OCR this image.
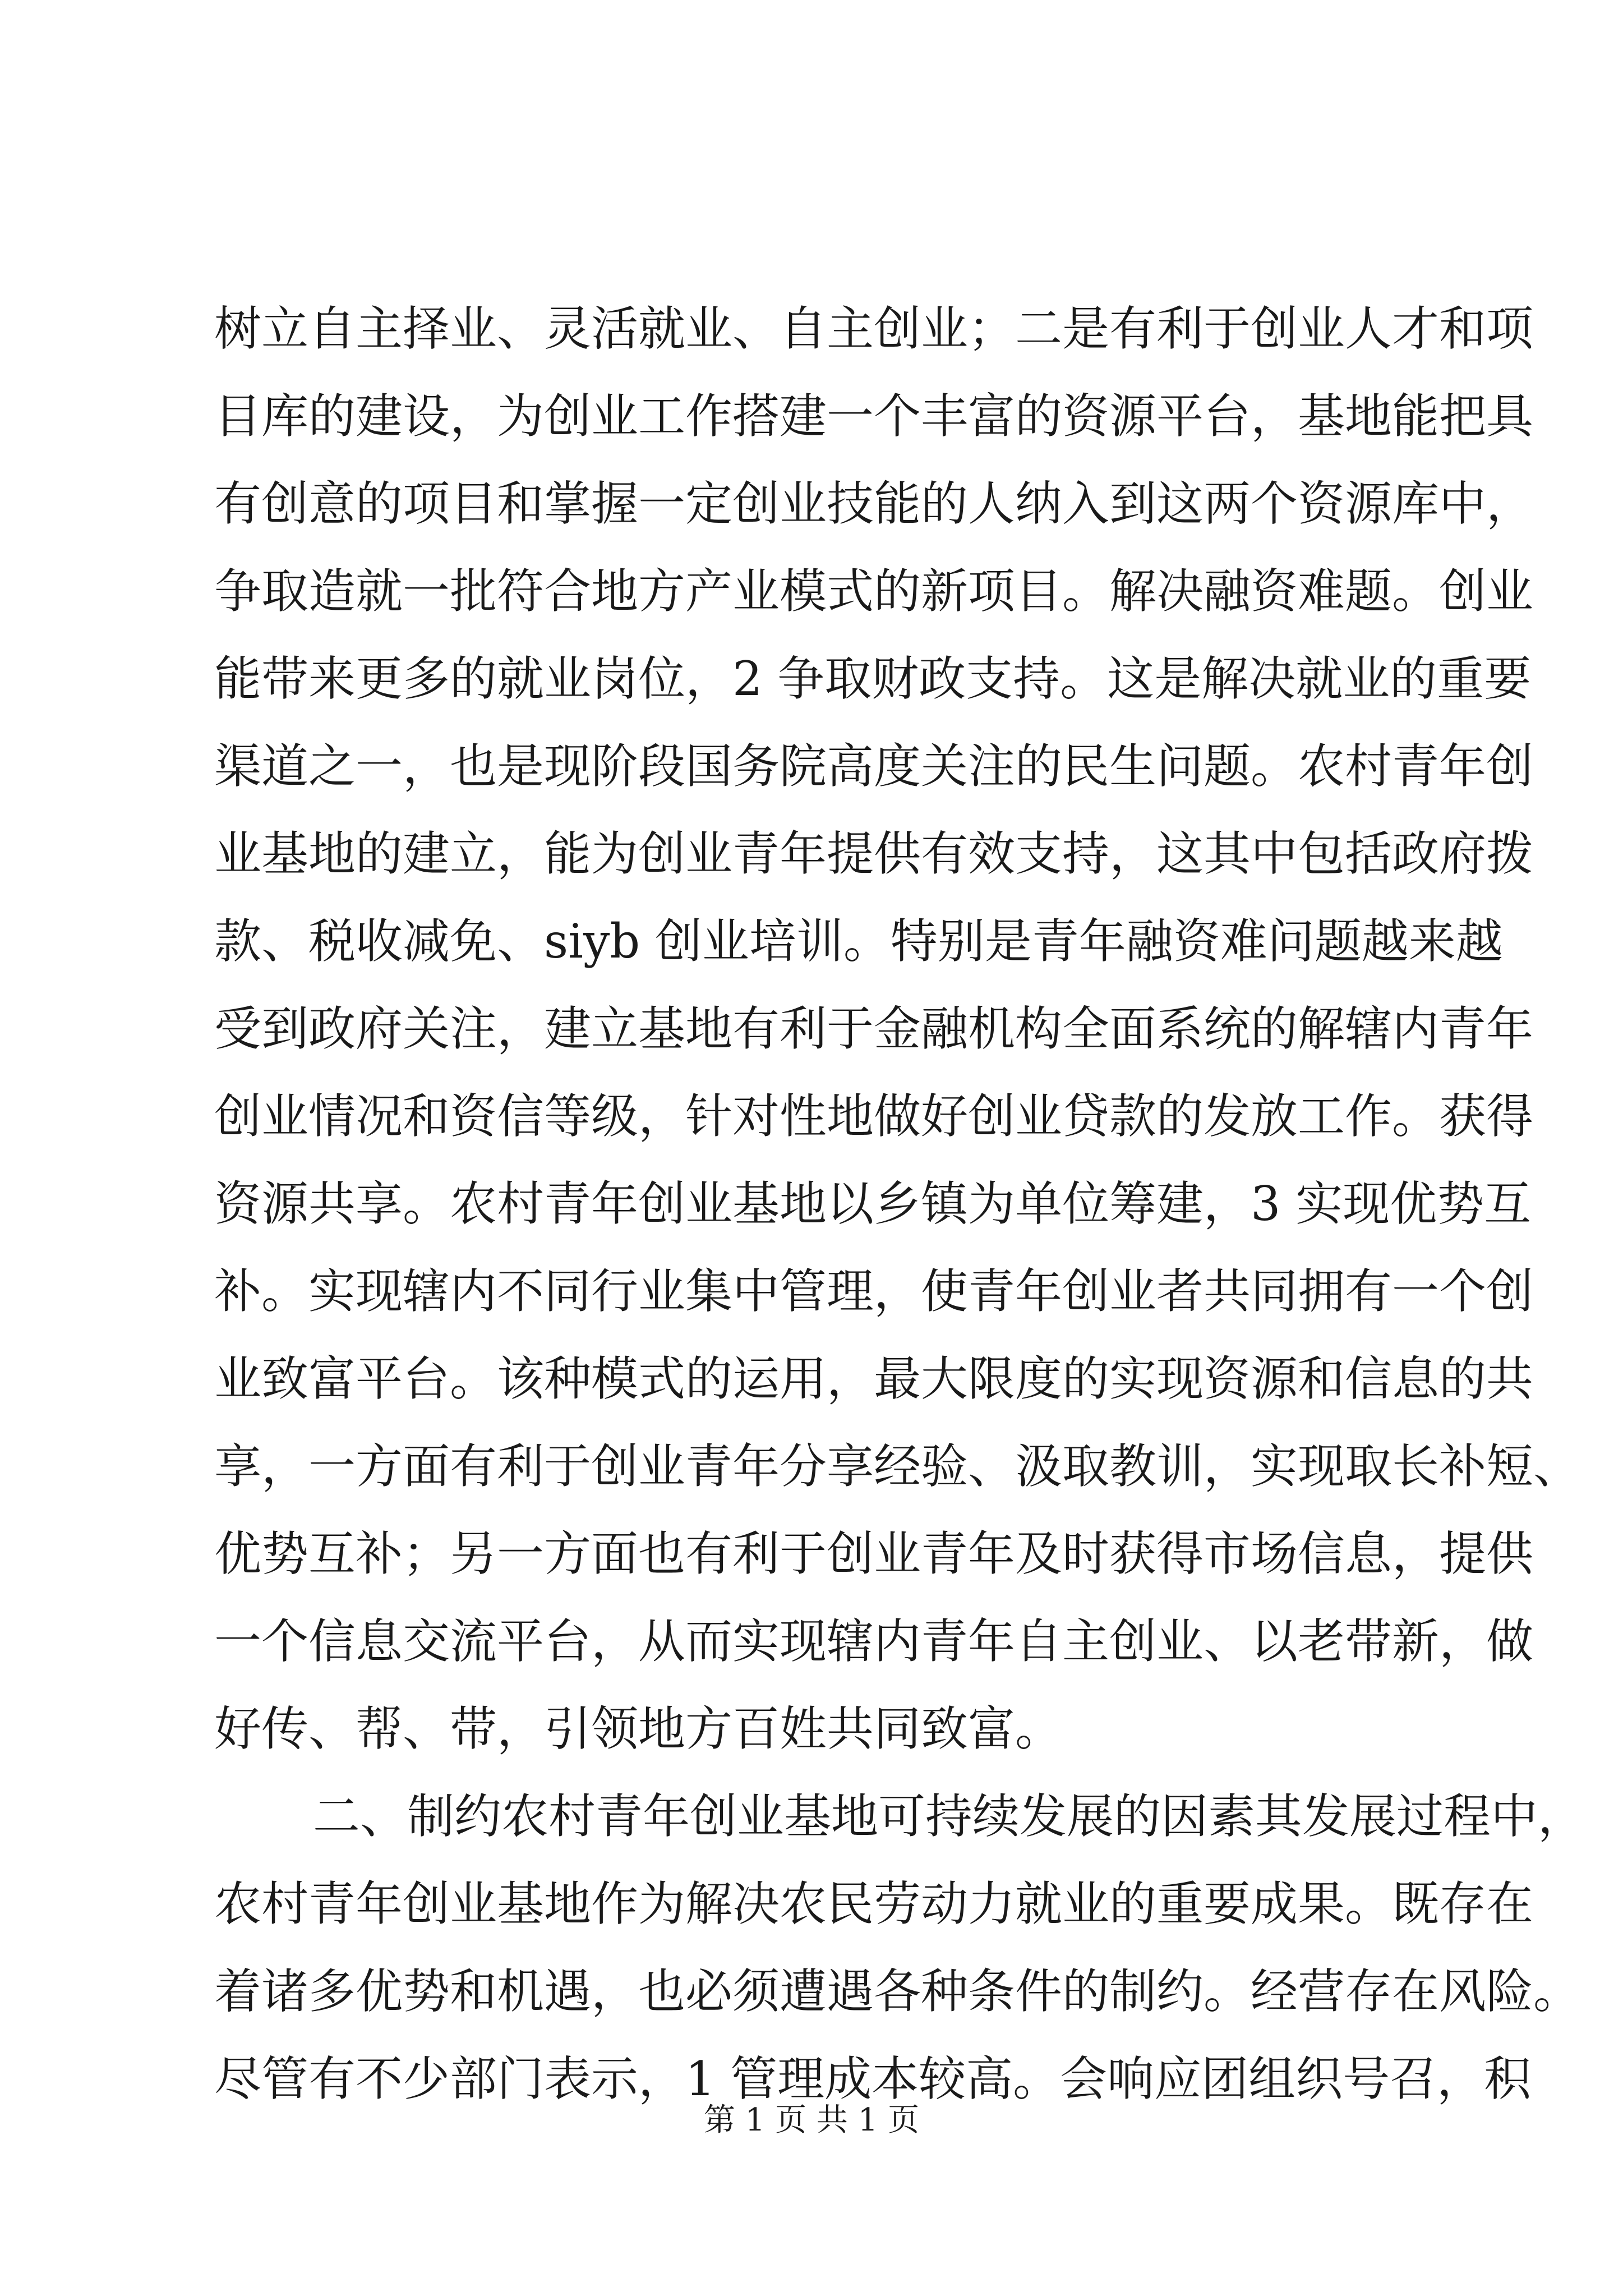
树立自主择业、灵活就业、自主创业；二是有利于创业人才和项
目库的建设，为创业工作搭建一个丰富的资源平台，基地能把具
有创意的项目和掌握一定创业技能的人纳入到这两个资源库中，
争取造就一批符合地方产业模式的新项目。解决融资难题。创业
能带来更多的就业岗位，2 争取财政支持。这是解决就业的重要
渠道之一，也是现阶段国务院高度关注的民生问题。农村青年创
业基地的建立，能为创业青年提供有效支持，这其中包括政府拨
款、税收减免、siyb 创业培训。特别是青年融资难问题越来越
受到政府关注，建立基地有利于金融机构全面系统的解辖内青年
创业情况和资信等级，针对性地做好创业贷款的发放工作。获得
资源共享。农村青年创业基地以乡镇为单位筹建，3 实现优势互
补。实现辖内不同行业集中管理，使青年创业者共同拥有一个创
业致富平台。该种模式的运用，最大限度的实现资源和信息的共
享，一方面有利于创业青年分享经验、汲取教训，实现取长补短、
优势互补；另一方面也有利于创业青年及时获得市场信息，提供
一个信息交流平台，从而实现辖内青年自主创业、以老带新，做
好传、帮、带，引领地方百姓共同致富。
二、制约农村青年创业基地可持续发展的因素其发展过程中，
农村青年创业基地作为解决农民劳动力就业的重要成果。既存在
着诸多优势和机遇，也必须遭遇各种条件的制约。经营存在风险。
尽管有不少部门表示，1 管理成本较高。会响应团组织号召，积
第 1 页 共 1 页
